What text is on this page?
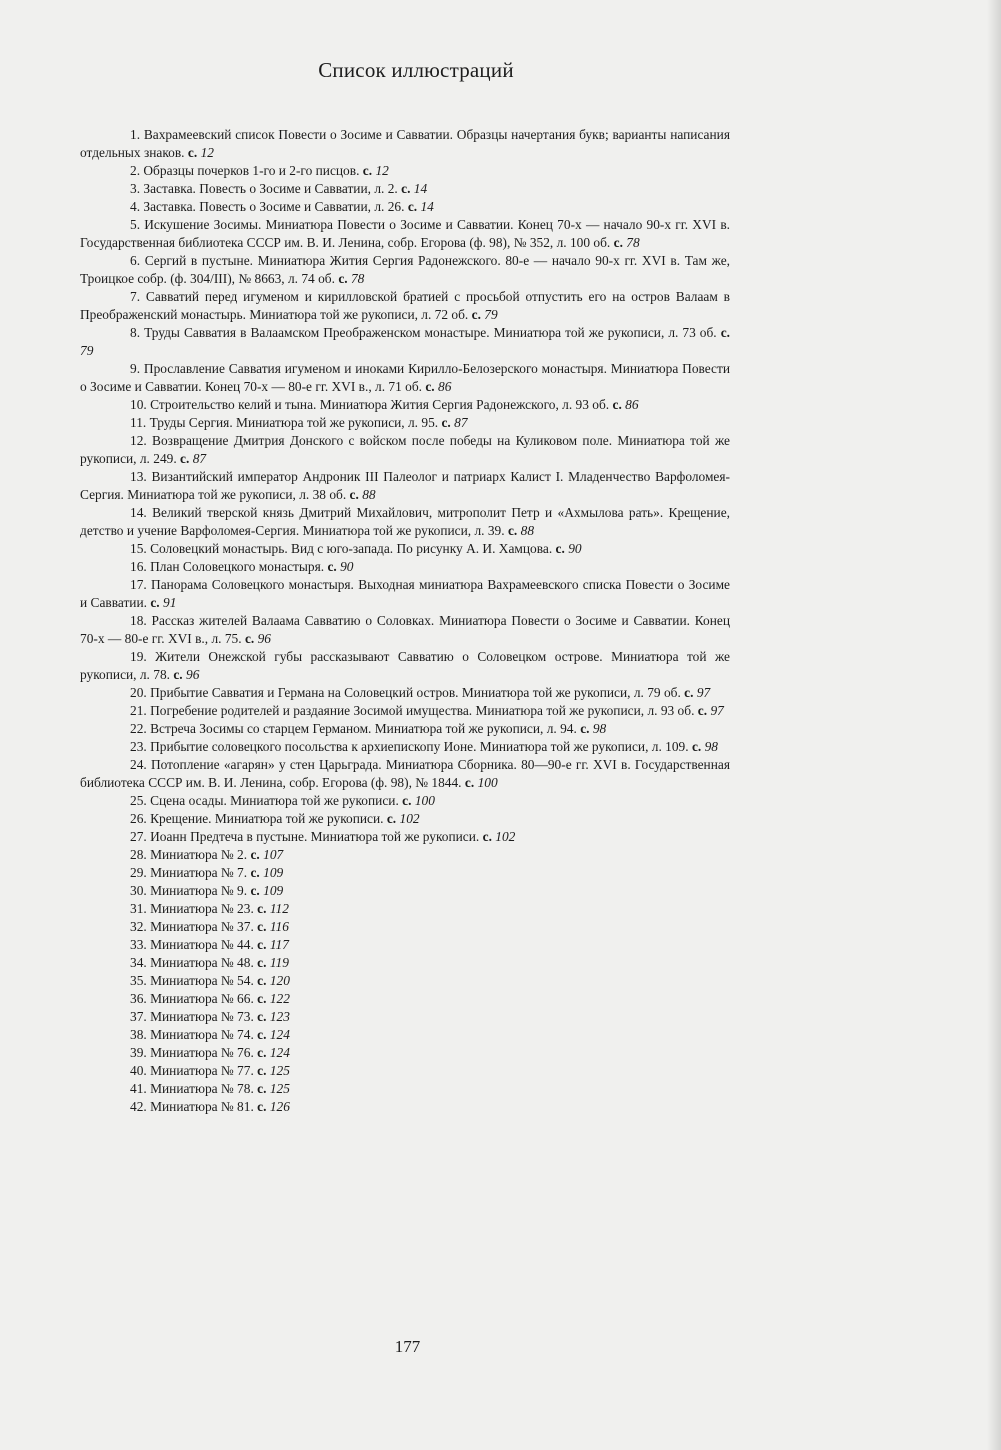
Список иллюстраций

1. Вахрамеевский список Повести о Зосиме и Савватии. Образцы начертания букв; варианты написания отдельных знаков. с. 12

2. Образцы почерков 1-го и 2-го писцов. с. 12

3. Заставка. Повесть о Зосиме и Савватии, л. 2. с. 14

4. Заставка. Повесть о Зосиме и Савватии, л. 26. с. 14

5. Искушение Зосимы. Миниатюра Повести о Зосиме и Савватии. Конец 70-х — начало 90-х гг. XVI в. Государственная библиотека СССР им. В. И. Ленина, собр. Егорова (ф. 98), № 352, л. 100 об. с. 78

6. Сергий в пустыне. Миниатюра Жития Сергия Радонежского. 80-е — начало 90-х гг. XVI в. Там же, Троицкое собр. (ф. 304/III), № 8663, л. 74 об. с. 78

7. Савватий перед игуменом и кирилловской братией с просьбой отпустить его на остров Валаам в Преображенский монастырь. Миниатюра той же рукописи, л. 72 об. с. 79

8. Труды Савватия в Валаамском Преображенском монастыре. Миниатюра той же рукописи, л. 73 об. с. 79

9. Прославление Савватия игуменом и иноками Кирилло-Белозерского монастыря. Миниатюра Повести о Зосиме и Савватии. Конец 70-х — 80-е гг. XVI в., л. 71 об. с. 86

10. Строительство келий и тына. Миниатюра Жития Сергия Радонежского, л. 93 об. с. 86

11. Труды Сергия. Миниатюра той же рукописи, л. 95. с. 87

12. Возвращение Дмитрия Донского с войском после победы на Куликовом поле. Миниатюра той же рукописи, л. 249. с. 87

13. Византийский император Андроник III Палеолог и патриарх Калист I. Младенчество Варфоломея-Сергия. Миниатюра той же рукописи, л. 38 об. с. 88

14. Великий тверской князь Дмитрий Михайлович, митрополит Петр и «Ахмылова рать». Крещение, детство и учение Варфоломея-Сергия. Миниатюра той же рукописи, л. 39. с. 88

15. Соловецкий монастырь. Вид с юго-запада. По рисунку А. И. Хамцова. с. 90

16. План Соловецкого монастыря. с. 90

17. Панорама Соловецкого монастыря. Выходная миниатюра Вахрамеевского списка Повести о Зосиме и Савватии. с. 91

18. Рассказ жителей Валаама Савватию о Соловках. Миниатюра Повести о Зосиме и Савватии. Конец 70-х — 80-е гг. XVI в., л. 75. с. 96

19. Жители Онежской губы рассказывают Савватию о Соловецком острове. Миниатюра той же рукописи, л. 78. с. 96

20. Прибытие Савватия и Германа на Соловецкий остров. Миниатюра той же рукописи, л. 79 об. с. 97

21. Погребение родителей и раздаяние Зосимой имущества. Миниатюра той же рукописи, л. 93 об. с. 97

22. Встреча Зосимы со старцем Германом. Миниатюра той же рукописи, л. 94. с. 98

23. Прибытие соловецкого посольства к архиепископу Ионе. Миниатюра той же рукописи, л. 109. с. 98

24. Потопление «агарян» у стен Царьграда. Миниатюра Сборника. 80—90-е гг. XVI в. Государственная библиотека СССР им. В. И. Ленина, собр. Егорова (ф. 98), № 1844. с. 100

25. Сцена осады. Миниатюра той же рукописи. с. 100

26. Крещение. Миниатюра той же рукописи. с. 102

27. Иоанн Предтеча в пустыне. Миниатюра той же рукописи. с. 102

28. Миниатюра № 2. с. 107

29. Миниатюра № 7. с. 109

30. Миниатюра № 9. с. 109

31. Миниатюра № 23. с. 112

32. Миниатюра № 37. с. 116

33. Миниатюра № 44. с. 117

34. Миниатюра № 48. с. 119

35. Миниатюра № 54. с. 120

36. Миниатюра № 66. с. 122

37. Миниатюра № 73. с. 123

38. Миниатюра № 74. с. 124

39. Миниатюра № 76. с. 124

40. Миниатюра № 77. с. 125

41. Миниатюра № 78. с. 125

42. Миниатюра № 81. с. 126

177
